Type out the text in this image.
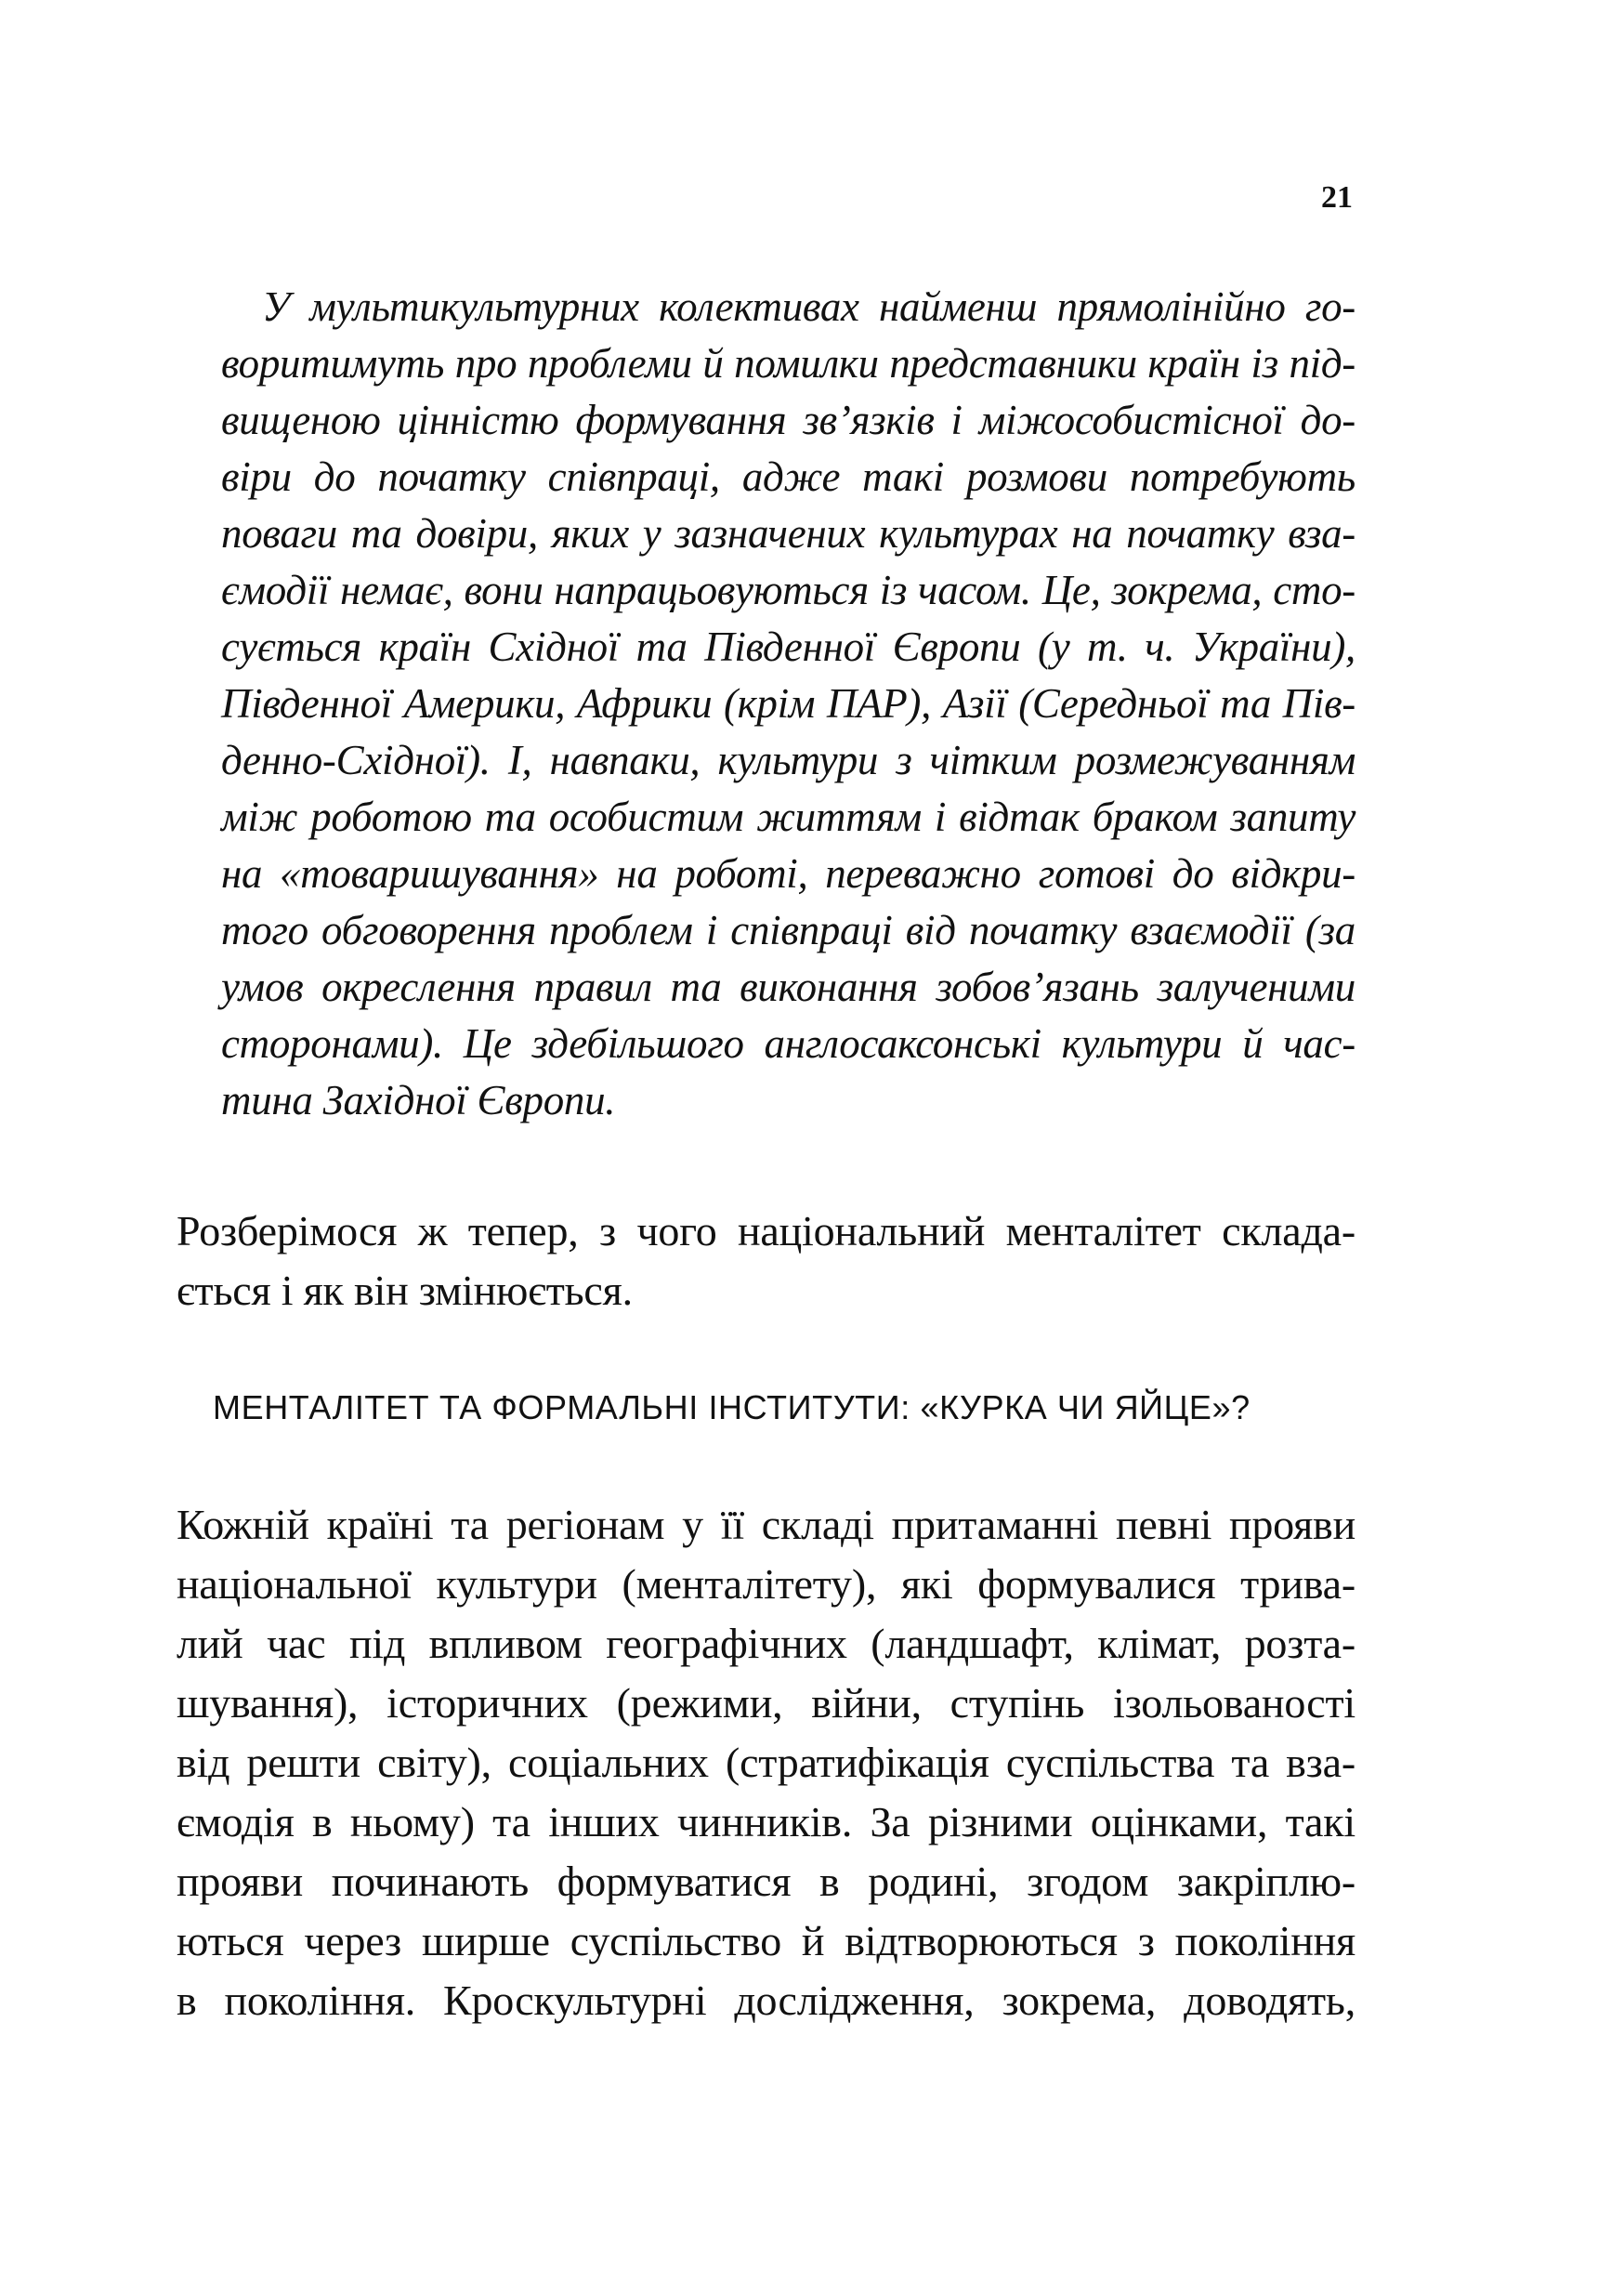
21
У мультикультурних колективах найменш прямолінійно го-
воритимуть про проблеми й помилки представники країн із під-
вищеною цінністю формування зв’язків і міжособистісної до-
віри до початку співпраці, адже такі розмови потребують
поваги та довіри, яких у зазначених культурах на початку вза-
ємодії немає, вони напрацьовуються із часом. Це, зокрема, сто-
сується країн Східної та Південної Європи (у т. ч. України),
Південної Америки, Африки (крім ПАР), Азії (Середньої та Пів-
денно-Східної). І, навпаки, культури з чітким розмежуванням
між роботою та особистим життям і відтак браком запиту
на «товаришування» на роботі, переважно готові до відкри-
того обговорення проблем і співпраці від початку взаємодії (за
умов окреслення правил та виконання зобов’язань залученими
сторонами). Це здебільшого англосаксонські культури й час-
тина Західної Європи.
Розберімося ж тепер, з чого національний менталітет склада-
ється і як він змінюється.
МЕНТАЛІТЕТ ТА ФОРМАЛЬНІ ІНСТИТУТИ: «КУРКА ЧИ ЯЙЦЕ»?
Кожній країні та регіонам у її складі притаманні певні прояви
національної культури (менталітету), які формувалися трива-
лий час під впливом географічних (ландшафт, клімат, розта-
шування), історичних (режими, війни, ступінь ізольованості
від решти світу), соціальних (стратифікація суспільства та вза-
ємодія в ньому) та інших чинників. За різними оцінками, такі
прояви починають формуватися в родині, згодом закріплю-
ються через ширше суспільство й відтворюються з покоління
в покоління. Кроскультурні дослідження, зокрема, доводять,
